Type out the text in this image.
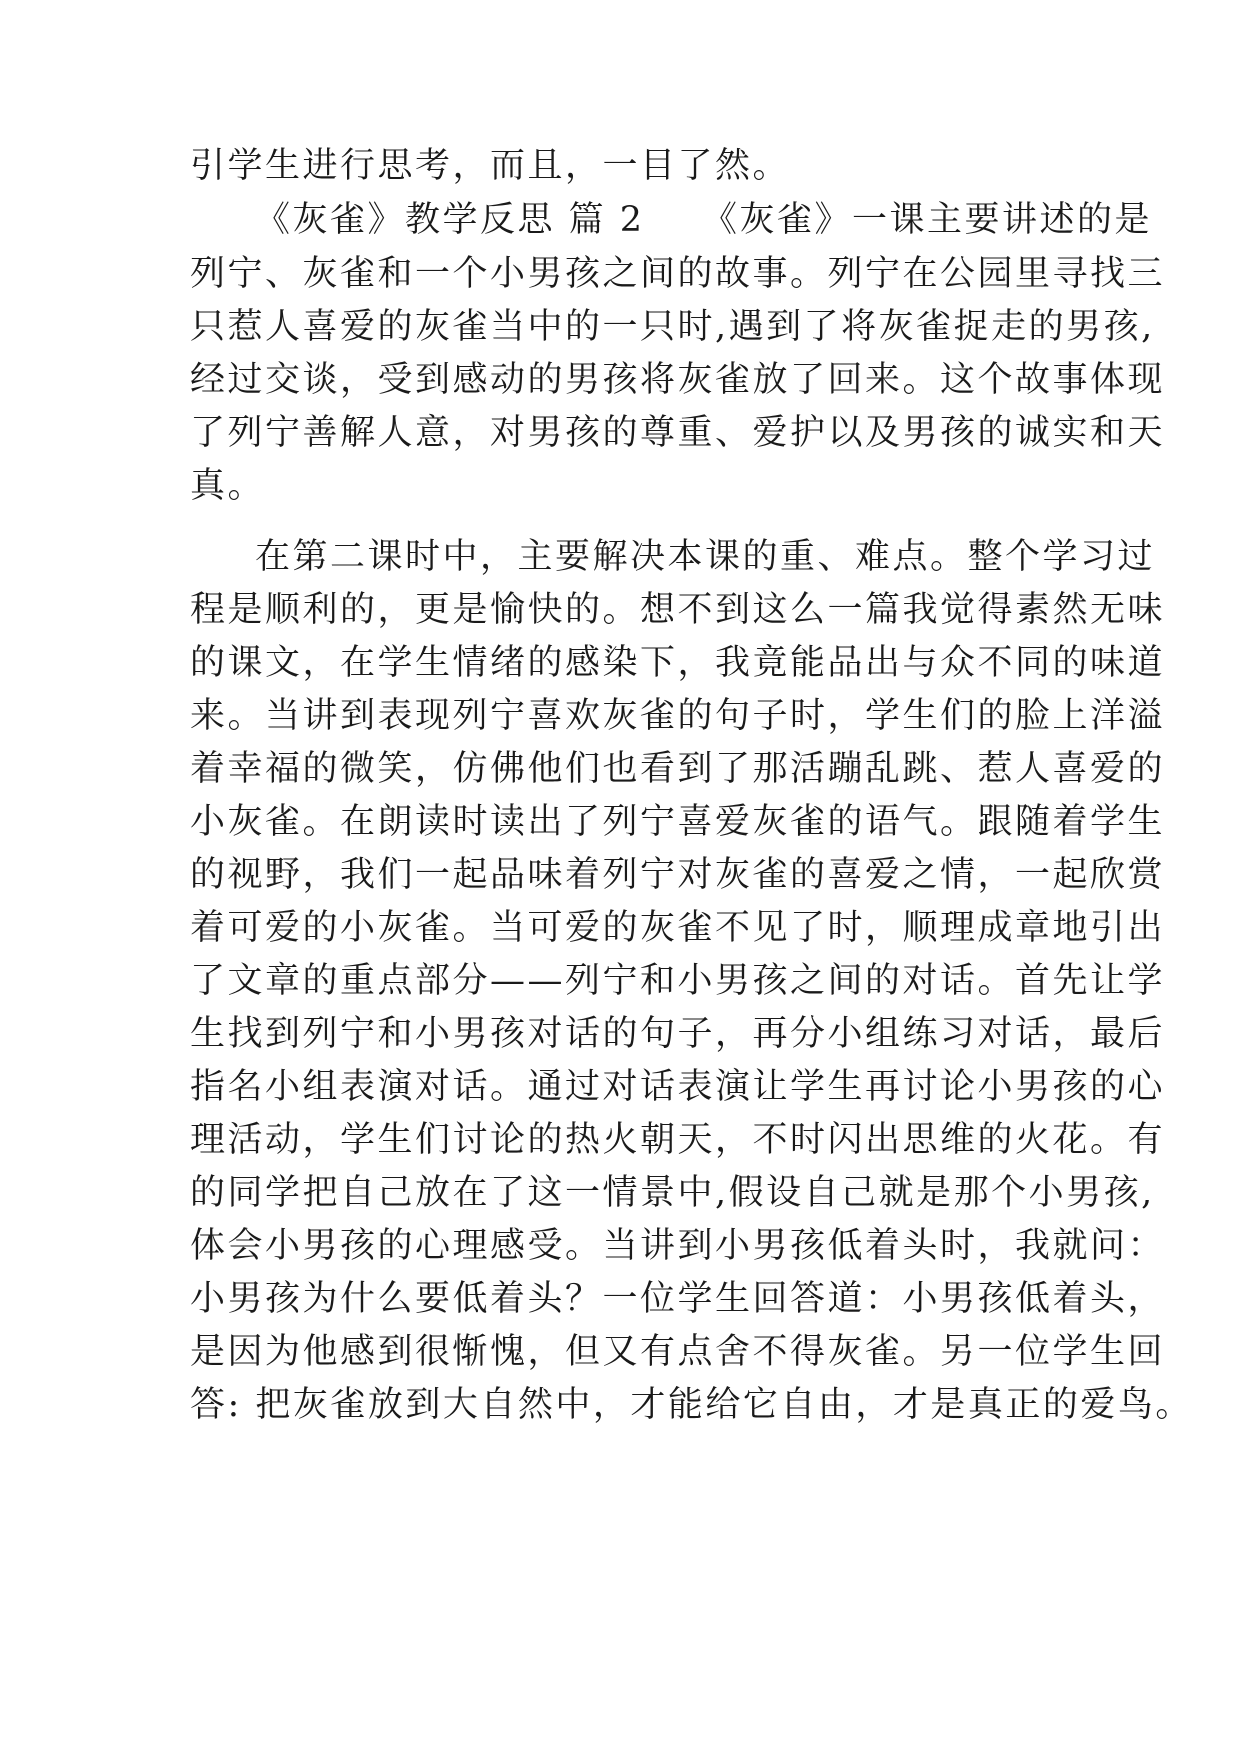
引学生进行思考，而且，一目了然。
《灰雀》教学反思 篇 2　　《灰雀》一课主要讲述的是
列宁、灰雀和一个小男孩之间的故事。列宁在公园里寻找三
只惹人喜爱的灰雀当中的一只时,遇到了将灰雀捉走的男孩,
经过交谈，受到感动的男孩将灰雀放了回来。这个故事体现
了列宁善解人意，对男孩的尊重、爱护以及男孩的诚实和天
真。
在第二课时中，主要解决本课的重、难点。整个学习过
程是顺利的，更是愉快的。想不到这么一篇我觉得素然无味
的课文，在学生情绪的感染下，我竟能品出与众不同的味道
来。当讲到表现列宁喜欢灰雀的句子时，学生们的脸上洋溢
着幸福的微笑，仿佛他们也看到了那活蹦乱跳、惹人喜爱的
小灰雀。在朗读时读出了列宁喜爱灰雀的语气。跟随着学生
的视野，我们一起品味着列宁对灰雀的喜爱之情，一起欣赏
着可爱的小灰雀。当可爱的灰雀不见了时，顺理成章地引出
了文章的重点部分——列宁和小男孩之间的对话。首先让学
生找到列宁和小男孩对话的句子，再分小组练习对话，最后
指名小组表演对话。通过对话表演让学生再讨论小男孩的心
理活动，学生们讨论的热火朝天，不时闪出思维的火花。有
的同学把自己放在了这一情景中,假设自己就是那个小男孩,
体会小男孩的心理感受。当讲到小男孩低着头时，我就问：
小男孩为什么要低着头？一位学生回答道：小男孩低着头，
是因为他感到很惭愧，但又有点舍不得灰雀。另一位学生回
答: 把灰雀放到大自然中，才能给它自由，才是真正的爱鸟。
